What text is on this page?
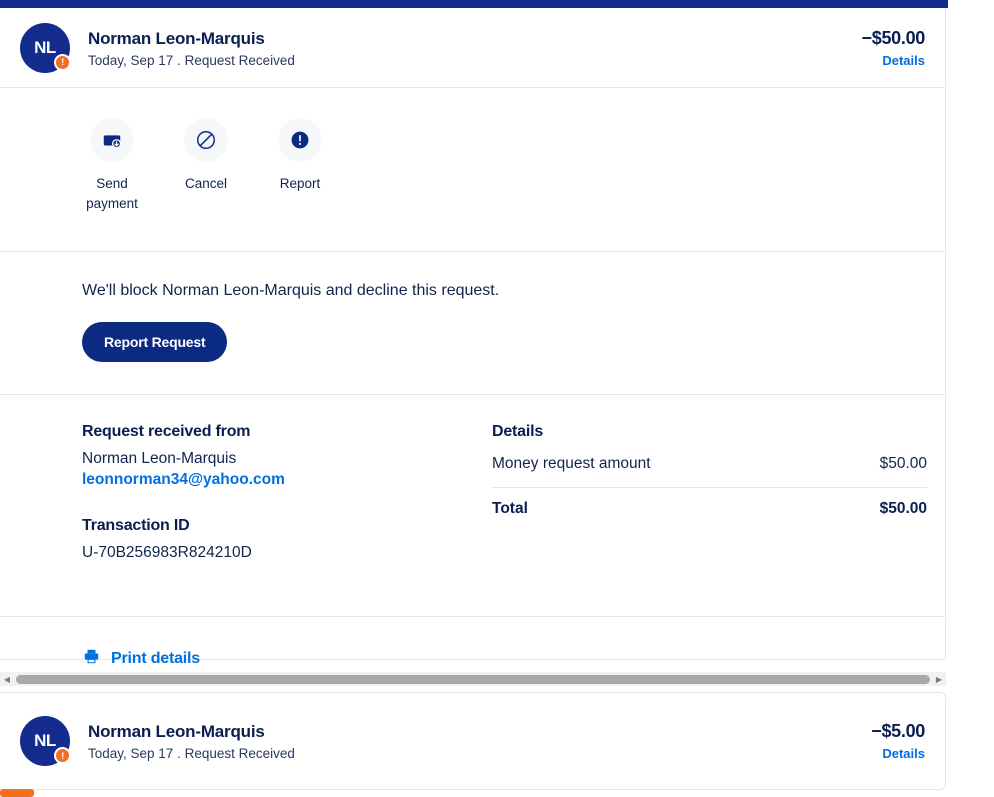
NL
!
Norman Leon-Marquis
Today, Sep 17 . Request Received
−$50.00
Details
Send payment
Cancel	Report
We'll block Norman Leon-Marquis and decline this request.
Report Request
Request received from
Norman Leon-Marquis
leonnorman34@yahoo.com
Transaction ID
U-70B256983R824210D
Details
Money request amount	$50.00
Total	$50.00
Print details
◀	▶
NL
!
Norman Leon-Marquis
Today, Sep 17 . Request Received
−$5.00
Details
